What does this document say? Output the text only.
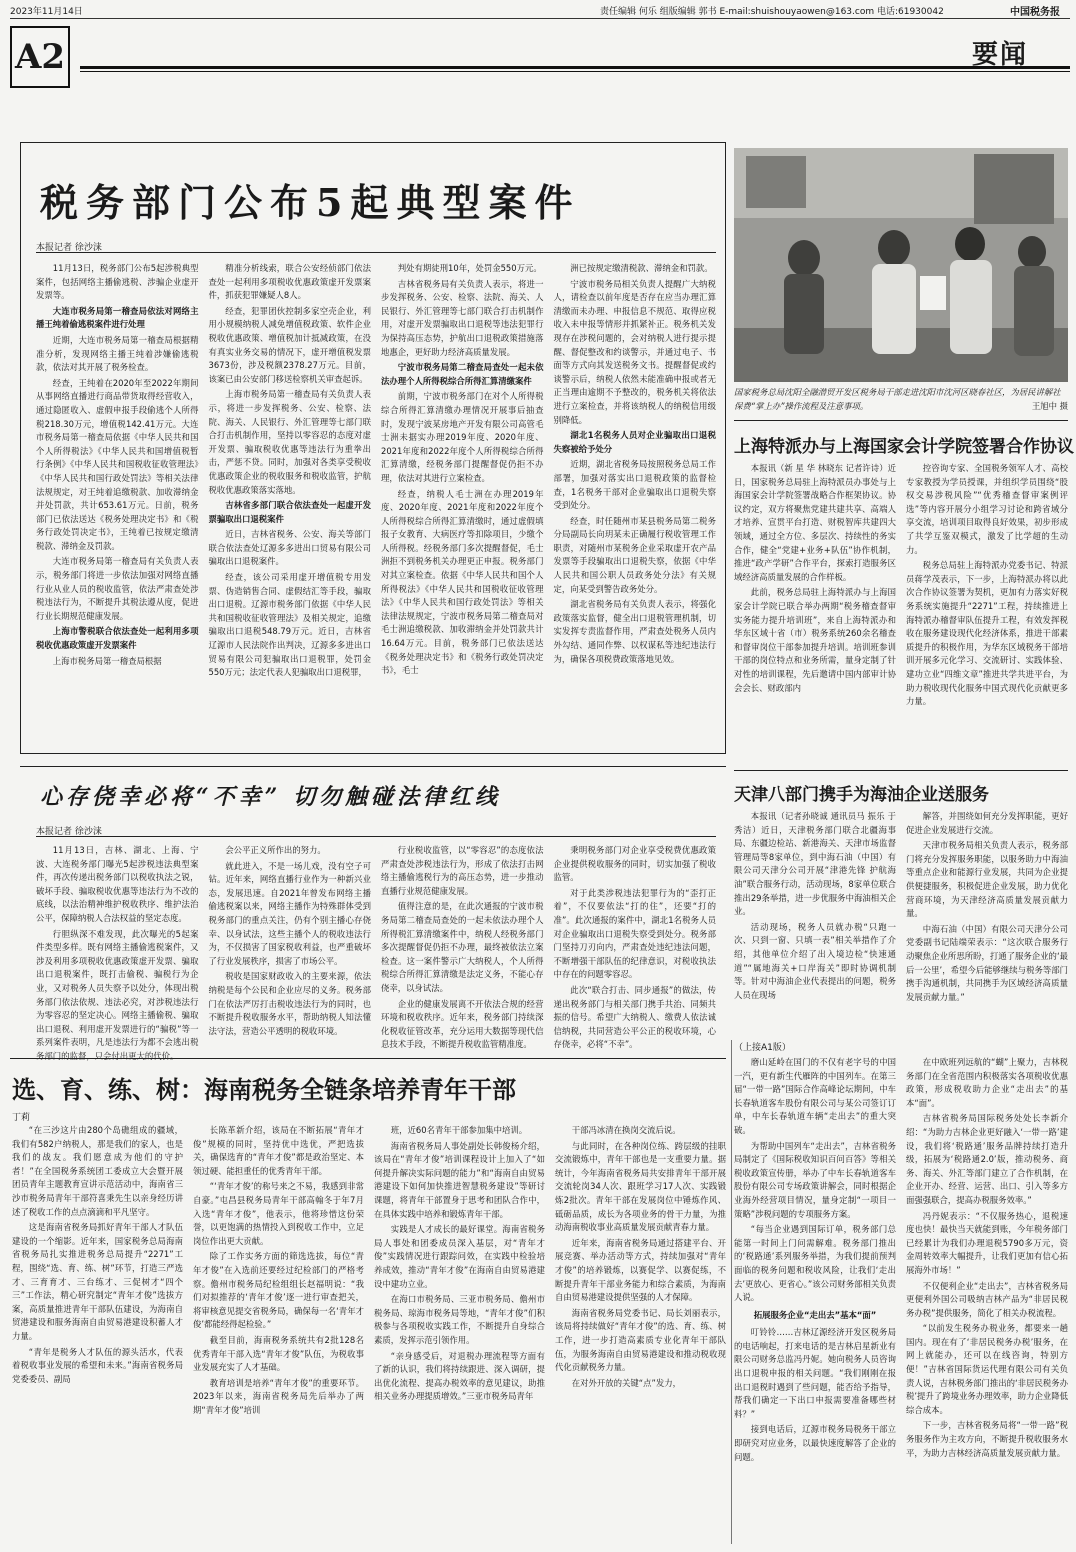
2023年11月14日	责任编辑 何乐 组版编辑 郭书 E-mail:shuishouyaowen@163.com 电话:61930042	中国税务报
A2	要闻
税务部门公布5起典型案件
本报记者 徐沙涞

11月13日，税务部门公布5起涉税典型案件，包括网络主播偷逃税、涉骗企业虚开发票等。

大连市税务局第一稽查局依法对网络主播王纯着偷逃税案件进行处理

近期，大连市税务局第一稽查局根据精准分析，发现网络主播王纯着涉嫌偷逃税款，依法对其开展了税务检查。

经查，王纯着在2020年至2022年期间从事网络直播进行商品带货取得经营收入，通过隐匿收入、虚假申报手段偷逃个人所得税218.30万元，增值税142.41万元。大连市税务局第一稽查局依据《中华人民共和国个人所得税法》《中华人民共和国增值税暂行条例》《中华人民共和国税收征收管理法》《中华人民共和国行政处罚法》等相关法律法规规定，对王纯着追缴税款、加收滞纳金并处罚款，共计653.61万元。日前，税务部门已依法送达《税务处理决定书》和《税务行政处罚决定书》，王纯着已按规定缴清税款、滞纳金及罚款。

大连市税务局第一稽查局有关负责人表示，税务部门将进一步依法加强对网络直播行业从业人员的税收监管，依法严肃查处涉税违法行为，不断提升其税法遵从度，促进行业长期规范健康发展。

上海市警税联合依法查处一起利用多项税收优惠政策虚开发票案件

上海市税务局第一稽查局根据

精准分析线索，联合公安经侦部门依法查处一起利用多项税收优惠政策虚开发票案件，抓获犯罪嫌疑人8人。

经查，犯罪团伙控制多家空壳企业，利用小规模纳税人减免增值税政策、软件企业税收优惠政策、增值税加计抵减政策，在没有真实业务交易的情况下，虚开增值税发票3673份，涉及税额2378.27万元。目前，该案已由公安部门移送检察机关审查起诉。

上海市税务局第一稽查局有关负责人表示，将进一步发挥税务、公安、检察、法院、海关、人民银行、外汇管理等七部门联合打击机制作用，坚持以零容忍的态度对虚开发票、骗取税收优惠等违法行为重拳出击，严惩不贷。同时，加强对各类享受税收优惠政策企业的税收服务和税收监管，护航税收优惠政策落实落地。

吉林省多部门联合依法查处一起虚开发票骗取出口退税案件

近日，吉林省税务、公安、海关等部门联合依法查处辽源多多进出口贸易有限公司骗取出口退税案件。

经查，该公司采用虚开增值税专用发票、伪造销售合同、虚假结汇等手段，骗取出口退税。辽源市税务部门依据《中华人民共和国税收征收管理法》及相关规定，追缴骗取出口退税548.79万元。近日，吉林省辽源市人民法院作出判决，辽源多多进出口贸易有限公司犯骗取出口退税罪，处罚金550万元；法定代表人犯骗取出口退税罪，

判处有期徒刑10年，处罚金550万元。

吉林省税务局有关负责人表示，将进一步发挥税务、公安、检察、法院、海关、人民银行、外汇管理等七部门联合打击机制作用，对虚开发票骗取出口退税等违法犯罪行为保持高压态势，护航出口退税政策措施落地惠企，更好助力经济高质量发展。

宁波市税务局第二稽查局查处一起未依法办理个人所得税综合所得汇算清缴案件

前期，宁波市税务部门在对个人所得税综合所得汇算清缴办理情况开展事后抽查时，发现宁波某房地产开发有限公司高管毛士洲未据实办理2019年度、2020年度、2021年度和2022年度个人所得税综合所得汇算清缴，经税务部门提醒督促仍拒不办理，依法对其进行立案检查。

经查，纳税人毛士洲在办理2019年度、2020年度、2021年度和2022年度个人所得税综合所得汇算清缴时，通过虚假填报子女教育、大病医疗等扣除项目，少缴个人所得税。经税务部门多次提醒督促，毛士洲拒不到税务机关办理更正申报。税务部门对其立案检查。依据《中华人民共和国个人所得税法》《中华人民共和国税收征收管理法》《中华人民共和国行政处罚法》等相关法律法规规定，宁波市税务局第二稽查局对毛士洲追缴税款、加收滞纳金并处罚款共计16.64万元。目前，税务部门已依法送达《税务处理决定书》和《税务行政处罚决定书》，毛士

洲已按规定缴清税款、滞纳金和罚款。

宁波市税务局相关负责人提醒广大纳税人，请检查以前年度是否存在应当办理汇算清缴而未办理、申报信息不规范、取得应税收入未申报等情形并抓紧补正。税务机关发现存在涉税问题的，会对纳税人进行提示提醒、督促整改和约谈警示，并通过电子、书面等方式向其发送税务文书。提醒督促或约谈警示后，纳税人依然未能准确申报或者无正当理由逾期不予整改的，税务机关将依法进行立案检查，并将该纳税人的纳税信用级别降低。

湖北1名税务人员对企业骗取出口退税失察被给予处分

近期，湖北省税务局按照税务总局工作部署，加强对落实出口退税政策的监督检查，1名税务干部对企业骗取出口退税失察受到处分。

经查，时任随州市某县税务局第二税务分局副局长向玥某未正确履行税收管理工作职责，对随州市某税务企业采取虚开农产品发票等手段骗取出口退税失察，依据《中华人民共和国公职人员政务处分法》有关规定，向某受到警告政务处分。

湖北省税务局有关负责人表示，将强化政策落实监督，健全出口退税管理机制，切实发挥专责监督作用，严肃查处税务人员内外勾结、通同作弊、以权谋私等违纪违法行为，确保各项税费政策落地见效。

国家税务总局沈阳全融潜贸开发区税务局干部走进沈阳市沈河区晓春社区，为居民讲解社保费“掌上办”操作流程及注意事项。	王旭中 摄
上海特派办与上海国家会计学院签署合作协议

本报讯（新 星 华 林晓东 记者许诗）近日，国家税务总局驻上海特派员办事处与上海国家会计学院签署战略合作框架协议。协议约定，双方将聚焦党建共建共享、高端人才培养、宣贯平台打造、财税智库共建四大领域，通过全方位、多层次、持续性的务实合作，健全“党建+业务+队伍”协作机制，推进“政产学研”合作平台，探索打造服务区域经济高质量发展的合作样板。

此前，税务总局驻上海特派办与上海国家会计学院已联合举办两期“税务稽查督审实务能力提升培训班”，来自上海特派办和华东区域十省（市）税务系统260余名稽查和督审岗位干部参加提升培训。培训班参训干部的岗位特点和业务所需，量身定制了针对性的培训课程，先后邀请中国内部审计协会会长、财政部内

控咨询专家、全国税务领军人才、高校专家教授为学员授课，并组织学员围绕“股权交易涉税风险”“优秀稽查督审案例评选”等内容开展分小组学习讨论和跨省域分享交流，培训项目取得良好效果，初步形成了共学互鉴双模式，激发了比学超的生动力。

税务总局驻上海特派办党委书记、特派员蒋学茂表示，下一步，上海特派办将以此次合作协议签署为契机，更加有力落实好税务系统实施提升“2271”工程，持续推进上海特派办稽督审队伍提升工程，有效发挥税收在服务建设现代化经济体系，推进干部素质提升的积极作用，为华东区域税务干部培训开展多元化学习、交流研讨、实践体验、建功立业“四维文章”推进共学共进平台，为助力税收现代化服务中国式现代化贡献更多力量。

天津八部门携手为海油企业送服务

本报讯（记者孙晓诚 通讯员马 振乐 于秀洁）近日，天津税务部门联合北疆海事局、东疆边检站、新港海关、天津市场监督管理局等8家单位，到中海石油（中国）有限公司天津分公司开展“津港先锋 护航海油”联合服务行动，活动现场，8家单位联合推出29条举措，进一步优服务中海油相关企业。

活动现场，税务人员就办税“只跑一次、只到一窗、只填一表”相关举措作了介绍，其他单位介绍了出入境边检“快速通道”“属地海关+口岸海关”即时协调机制等。针对中海油企业代表提出的问题，税务人员在现场

解答，并围绕如何充分发挥职能，更好促进企业发展进行交流。

天津市税务局相关负责人表示，税务部门将充分发挥服务职能，以服务助力中海油等重点企业和能源行业发展，共同为企业提供便捷服务，积极促进企业发展，助力优化营商环境，为天津经济高质量发展贡献力量。

中海石油（中国）有限公司天津分公司党委副书记陆端荣表示：“这次联合服务行动聚焦企业所思所盼，打通了服务企业的‘最后一公里’，希望今后能够继续与税务等部门携手沟通机制，共同携手为区域经济高质量发展贡献力量。”

心存侥幸必将“不幸” 切勿触碰法律红线
本报记者 徐沙涞

11月13日，吉林、湖北、上海、宁波、大连税务部门曝光5起涉税违法典型案件，再次传递出税务部门以税收执法之锐，破坏手段、骗取税收优惠等违法行为不改的底线，以法治精神维护税收秩序、维护法治公平，保障纳税人合法权益的坚定态度。

行胆纵深不难发现，此次曝光的5起案件类型多样。既有网络主播偷逃税案件，又涉及利用多项税收优惠政策虚开发票、骗取出口退税案件，既打击偷税、骗税行为企业，又对税务人员失察予以处分，体现出税务部门依法依规、违法必究，对涉税违法行为零容忍的坚定决心。网络主播偷税、骗取出口退税、利用虚开发票进行的“骗税”等一系列案件表明，凡是违法行为都不会逃出税务部门的监督，只会付出更大的代价。

会公平正义所作出的努力。

就此进入，不是一场儿戏，没有空子可钻。近年来，网络直播行业作为一种新兴业态，发展迅速。自2021年曾发布网络主播偷逃税案以来，网络主播作为特殊群体受到税务部门的重点关注，仍有个别主播心存侥幸、以身试法，这些主播个人的税收违法行为，不仅损害了国家税收利益，也严重破坏了行业发展秩序，损害了市场公平。

税收是国家财政收入的主要来源，依法纳税是每个公民和企业应尽的义务。税务部门在依法严厉打击税收违法行为的同时，也不断提升税收服务水平，帮助纳税人知法懂法守法，营造公平透明的税收环境。

行业税收监管，以“零容忍”的态度依法严肃查处涉税违法行为，形成了依法打击网络主播偷逃税行为的高压态势，进一步推动直播行业规范健康发展。

值得注意的是，在此次通报的宁波市税务局第二稽查局查处的一起未依法办理个人所得税汇算清缴案件中，纳税人经税务部门多次提醒督促仍拒不办理，最终被依法立案检查。这一案件警示广大纳税人，个人所得税综合所得汇算清缴是法定义务，不能心存侥幸，以身试法。

企业的健康发展离不开依法合规的经营环境和税收秩序。近年来，税务部门持续深化税收征管改革，充分运用大数据等现代信息技术手段，不断提升税收监管精准度。

秉明税务部门对企业享受税费优惠政策企业提供税收服务的同时，切实加强了税收监管。

对于此类涉税违法犯罪行为的“歪打正着”，不仅要依法“打的住”，还要“打的准”。此次通报的案件中，湖北1名税务人员对企业骗取出口退税失察受到处分。税务部门坚持刀刃向内，严肃查处违纪违法问题，不断增强干部队伍的纪律意识，对税收执法中存在的问题零容忍。

此次“联合打击、同步通报”的做法，传递出税务部门与相关部门携手共治、同频共振的信号。希望广大纳税人、缴费人依法诚信纳税，共同营造公平公正的税收环境，心存侥幸，必将“不幸”。

选、育、练、树：海南税务全链条培养青年干部
丁莉

“在三沙这片由280个岛礁组成的疆域，我们有582户纳税人，那是我们的家人，也是我们的战友。我们愿意成为他们的守护者！”在全国税务系统团工委成立大会暨开展团员青年主题教育宣讲示范活动中，海南省三沙市税务局青年干部符喜秉先生以亲身经历讲述了税收工作的点点滴滴和平凡坚守。

这是海南省税务局抓好青年干部人才队伍建设的一个缩影。近年来，国家税务总局海南省税务局扎实推进税务总局提升“2271”工程，围绕“选、育、练、树”环节，打造三严选才、三育育才、三台练才、三促树才“四个三”工作法，精心研究制定“青年才俊”选拔方案，高质量推进青年干部队伍建设，为海南自贸港建设和服务海南自由贸易港建设积蓄人才力量。

“青年是税务人才队伍的源头活水，代表着税收事业发展的希望和未来。”海南省税务局党委委员、副局

长陈革新介绍，该局在不断拓展“青年才俊”规模的同时，坚持优中选优，严把选拔关，确保选育的“青年才俊”都是政治坚定、本领过硬、能担重任的优秀青年干部。

“‘青年才俊’的称号来之不易，我感到非常自豪。”屯昌县税务局青年干部高翰冬于年7月入选“青年才俊”，他表示，他将珍惜这份荣誉，以更饱满的热情投入到税收工作中，立足岗位作出更大贡献。

除了工作实务方面的筛选选拔，每位“青年才俊”在入选前还要经过纪检部门的严格考察。儋州市税务局纪检组组长赵福明说：“我们对拟推荐的‘青年才俊’逐一进行审查把关，将审核意见提交省税务局，确保每一名‘青年才俊’都能经得起检验。”

截至目前，海南税务系统共有2批128名优秀青年干部入选“青年才俊”队伍，为税收事业发展充实了人才基础。

教育培训是培养“青年才俊”的重要环节。2023年以来，海南省税务局先后举办了两期“青年才俊”培训

班，近60名青年干部参加集中培训。

海南省税务局人事处副处长韩俊杨介绍，该局在“青年才俊”培训课程设计上加入了“如何提升解决实际问题的能力”和“海南自由贸易港建设下如何加快推进智慧税务建设”等研讨课题，将青年干部置身于思考和团队合作中，在具体实践中培养和锻炼青年干部。

实践是人才成长的最好课堂。海南省税务局人事处和团委成员深入基层，对“青年才俊”实践情况进行跟踪问效，在实践中检验培养成效，推动“青年才俊”在海南自由贸易港建设中建功立业。

在海口市税务局、三亚市税务局、儋州市税务局、琼海市税务局等地，“青年才俊”们积极参与各项税收实践工作，不断提升自身综合素质，发挥示范引领作用。

“亲身感受后，对退税办理流程等方面有了新的认识，我们将持续跟进、深入调研，提出优化流程、提高办税效率的意见建议，助推相关业务办理提质增效。”三亚市税务局青年

干部冯冰清在换岗交流后说。

与此同时，在各种岗位练、跨层级的挂职交流锻炼中，青年干部也是一支重要力量。据统计，今年海南省税务局共安排青年干部开展交流轮岗34人次、跟班学习17人次、实践锻炼2批次。青年干部在发展岗位中锤炼作风、砥砺品质，成长为各项业务的骨干力量，为推动海南税收事业高质量发展贡献青春力量。

近年来，海南省税务局通过搭建平台、开展竞赛、举办活动等方式，持续加强对“青年才俊”的培养锻炼，以赛促学、以赛促练，不断提升青年干部业务能力和综合素质，为海南自由贸易港建设提供坚强的人才保障。

海南省税务局党委书记、局长刘丽表示，该局将持续做好“青年才俊”的选、育、练、树工作，进一步打造高素质专业化青年干部队伍，为服务海南自由贸易港建设和推动税收现代化贡献税务力量。

在对外开放的关键“点”发力，

（上接A1版）

磨山延岭在国门的不仅有老字号的中国一汽，更有新生代雁阵的中国列车。在第三届“一带一路”国际合作高峰论坛期间，中车长春轨道客车股份有限公司与某公司签订订单，中车长春轨道车辆“走出去”的重大突破。

为帮助中国列车“走出去”，吉林省税务局制定了《国际税收知识百问百答》等相关税收政策宣传册，举办了中车长春轨道客车股份有限公司专场政策讲解会，同时根据企业海外经营项目情况，量身定制“一项目一策略”涉税问题的专项服务方案。

“每当企业遇到国际订单，税务部门总能第一时间上门问需解难。税务部门推出的‘税路通’系列服务举措，为我们提前预判面临的税务问题和税收风险，让我们‘走出去’更放心、更省心。”该公司财务部相关负责人说。

拓展服务企业“走出去”基本“面”

叮铃铃……吉林辽源经济开发区税务局的电话响起，打来电话的是吉林启星新业有限公司财务总监冯丹妮。她向税务人员咨询出口退税申报的相关问题。“我们刚刚在报出口退税时遇到了些问题，能否给予指导，帮我们确定一下出口申报需要准备哪些材料？”

接到电话后，辽源市税务局税务干部立即研究对应业务，以最快速度解答了企业的问题。

在中欧班列远航的“蝴”上聚力，吉林税务部门在全省范围内积极落实各项税收优惠政策，形成税收助力企业“走出去”的基本“面”。

吉林省税务局国际税务处处长李新介绍：“为助力吉林企业更好融入‘一带一路’建设，我们将‘税路通’服务品牌持续打造升级，拓展为‘税路通2.0’版，推动税务、商务、海关、外汇等部门建立了合作机制，在企业开办、经营、运营、出口、引入等多方面强强联合，提高办税服务效率。”

冯丹妮表示：“不仅服务热心，退税速度也快！最快当天就能到账，今年税务部门已经累计为我们办理退税5790多万元，资金周转效率大幅提升，让我们更加有信心拓展海外市场！”

不仅便利企业“走出去”，吉林省税务局更便利外国公司吸纳吉林产品为“非居民税务办税”提供服务，简化了相关办税流程。

“以前发生税务办税业务，都要来一趟国内。现在有了‘非居民税务办税’服务，在网上就能办，还可以在线咨询，特别方便！”吉林省国际货运代理有限公司有关负责人说，吉林税务部门推出的‘非居民税务办税’提升了跨境业务办理效率，助力企业降低综合成本。

下一步，吉林省税务局将“一带一路”税务服务作为主攻方向，不断提升税收服务水平，为助力吉林经济高质量发展贡献力量。
